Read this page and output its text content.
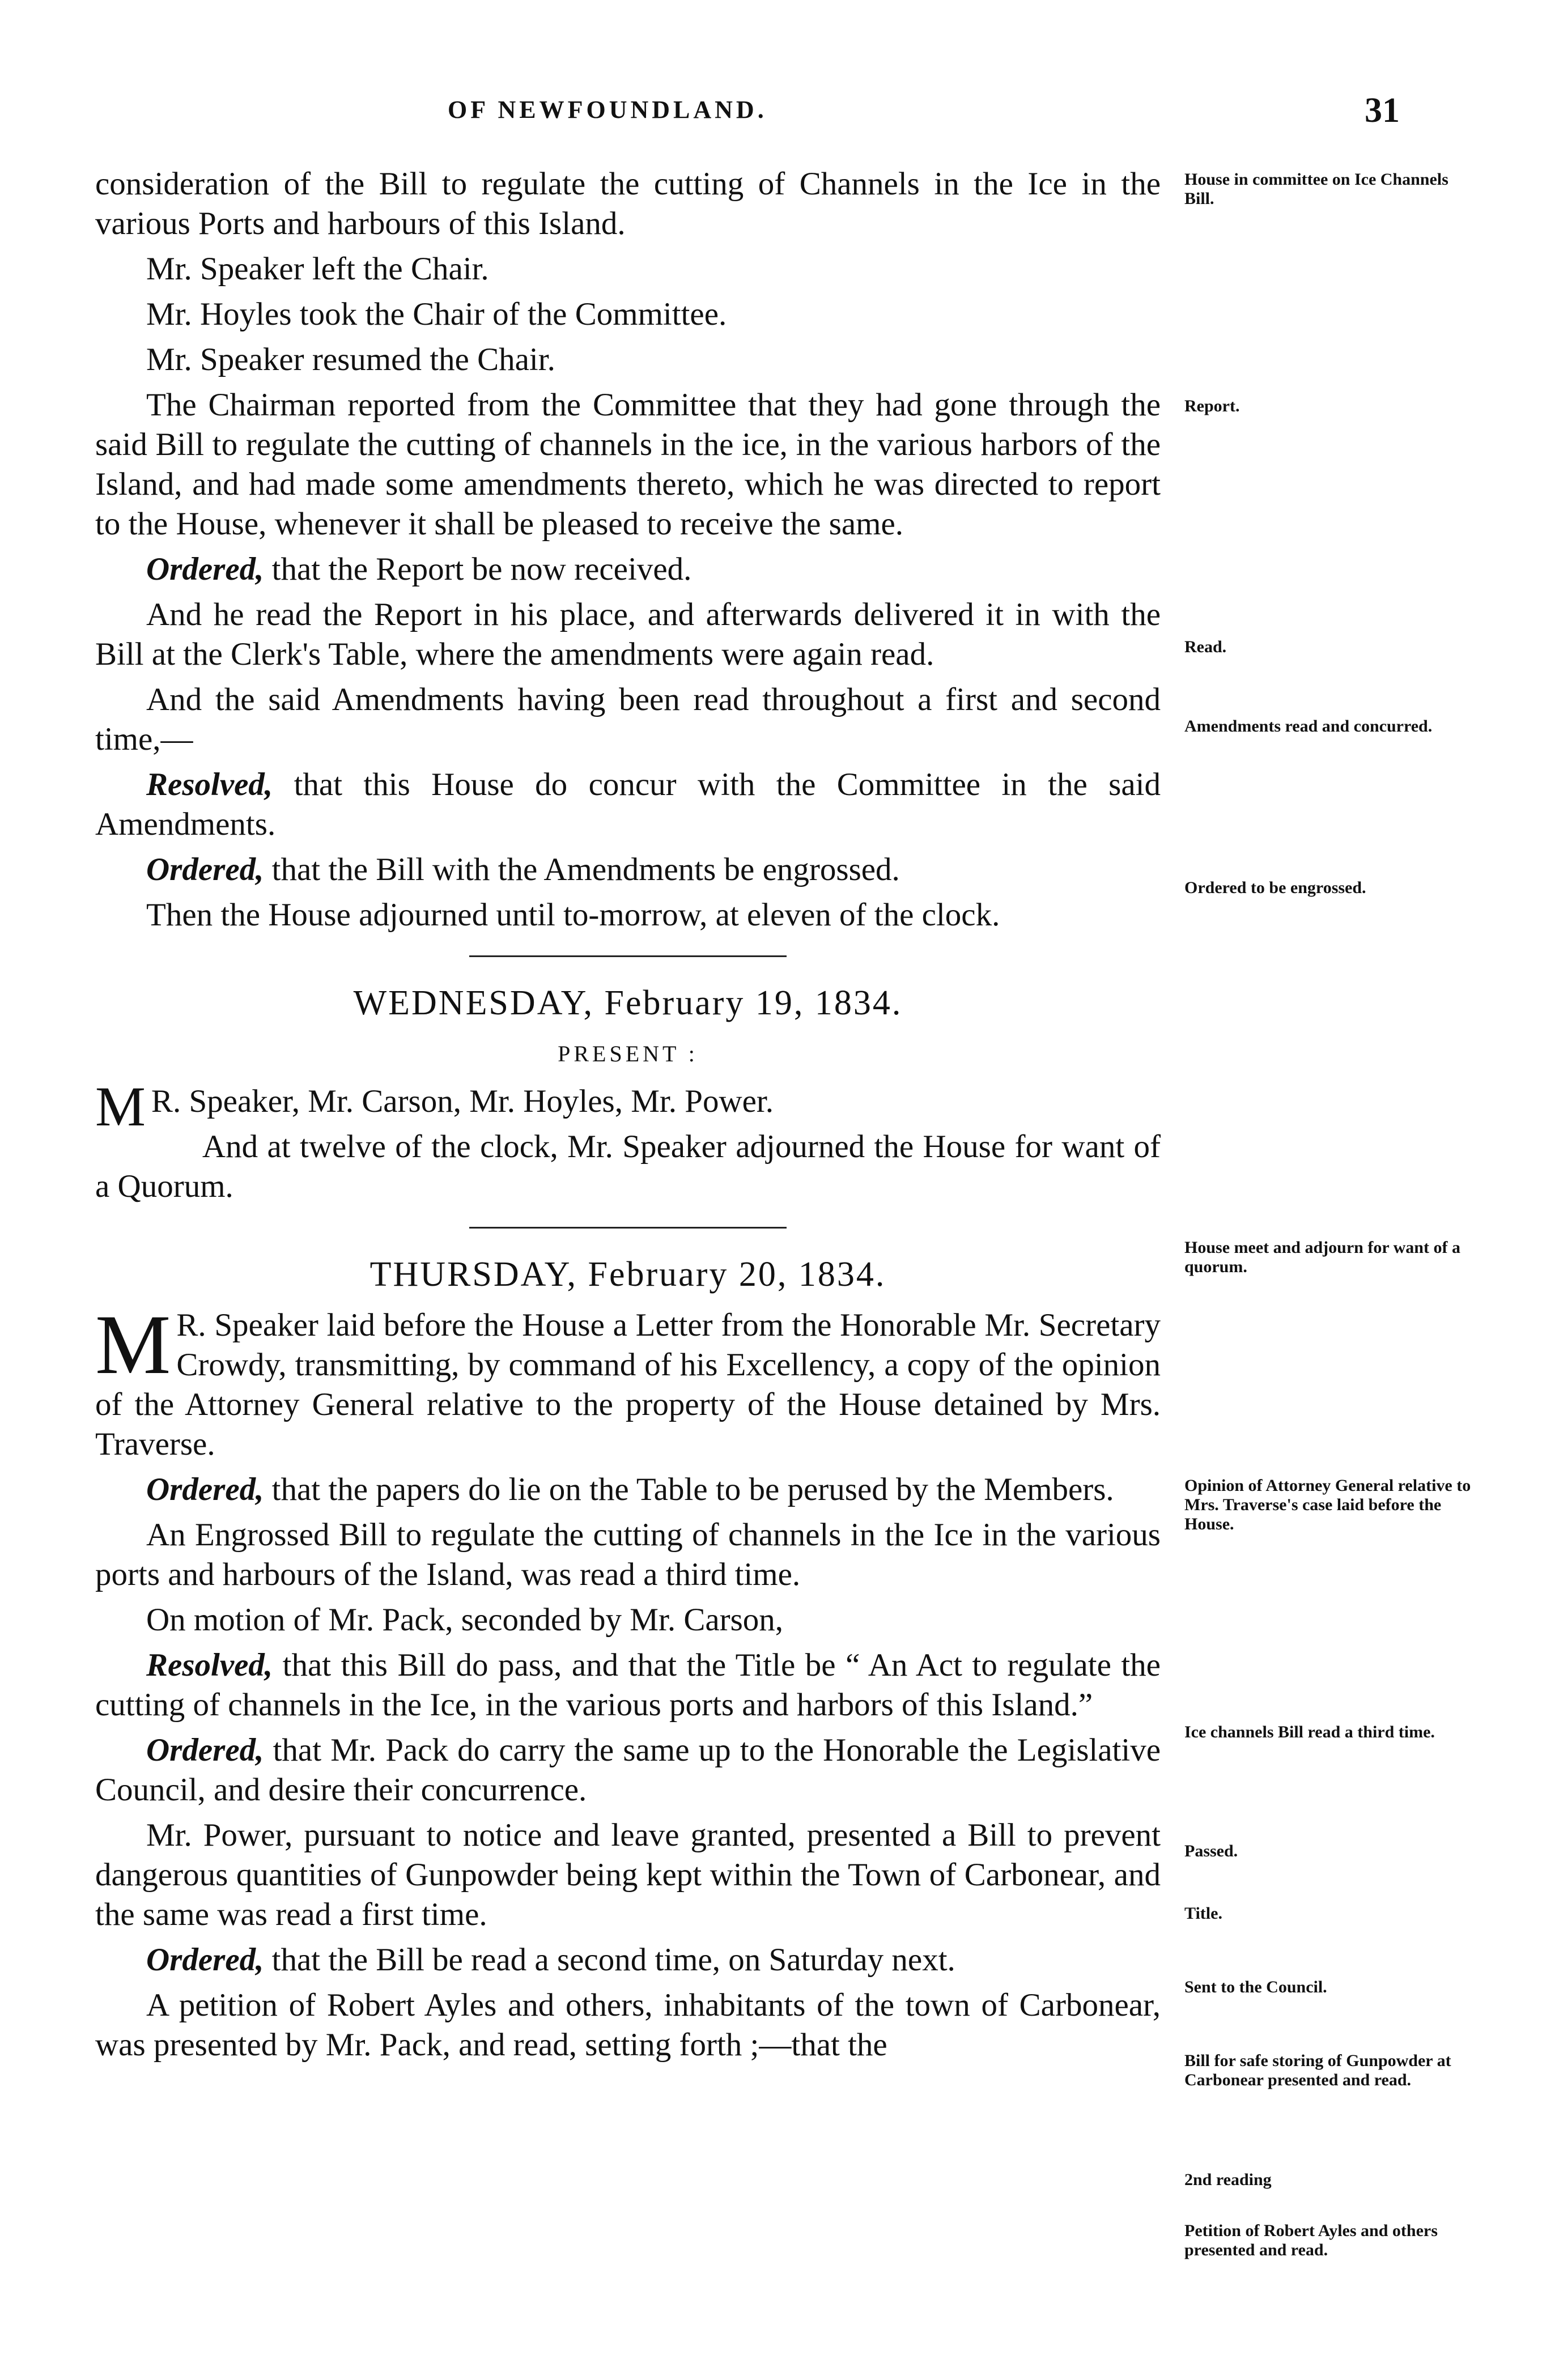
OF NEWFOUNDLAND.	31

consideration of the Bill to regulate the cutting of Channels in the Ice in the various Ports and harbours of this Island.

Mr. Speaker left the Chair.

Mr. Hoyles took the Chair of the Committee.

Mr. Speaker resumed the Chair.

The Chairman reported from the Committee that they had gone through the said Bill to regulate the cutting of channels in the ice, in the various harbors of the Island, and had made some amendments thereto, which he was directed to report to the House, whenever it shall be pleased to receive the same.

Ordered, that the Report be now received.

And he read the Report in his place, and afterwards delivered it in with the Bill at the Clerk's Table, where the amendments were again read.

And the said Amendments having been read throughout a first and second time,—

Resolved, that this House do concur with the Committee in the said Amendments.

Ordered, that the Bill with the Amendments be engrossed.

Then the House adjourned until to-morrow, at eleven of the clock.

WEDNESDAY, February 19, 1834.
PRESENT :

M R. Speaker, Mr. Carson, Mr. Hoyles, Mr. Power.

And at twelve of the clock, Mr. Speaker adjourned the House for want of a Quorum.

THURSDAY, February 20, 1834.

M R. Speaker laid before the House a Letter from the Honorable Mr. Secretary Crowdy, transmitting, by command of his Excellency, a copy of the opinion of the Attorney General relative to the property of the House detained by Mrs. Traverse.

Ordered, that the papers do lie on the Table to be perused by the Members.

An Engrossed Bill to regulate the cutting of channels in the Ice in the various ports and harbours of the Island, was read a third time.

On motion of Mr. Pack, seconded by Mr. Carson,

Resolved, that this Bill do pass, and that the Title be “ An Act to regulate the cutting of channels in the Ice, in the various ports and harbors of this Island.”

Ordered, that Mr. Pack do carry the same up to the Honorable the Legislative Council, and desire their concurrence.

Mr. Power, pursuant to notice and leave granted, presented a Bill to prevent dangerous quantities of Gunpowder being kept within the Town of Carbonear, and the same was read a first time.

Ordered, that the Bill be read a second time, on Saturday next.

A petition of Robert Ayles and others, inhabitants of the town of Carbonear, was presented by Mr. Pack, and read, setting forth ;—that the

House in committee on Ice Channels Bill.
Report.
Read.
Amendments read and concurred.
Ordered to be engrossed.
House meet and adjourn for want of a quorum.
Opinion of Attorney General relative to Mrs. Traverse's case laid before the House.
Ice channels Bill read a third time.
Passed.
Title.
Sent to the Council.
Bill for safe storing of Gunpowder at Carbonear presented and read.
2nd reading
Petition of Robert Ayles and others presented and read.
